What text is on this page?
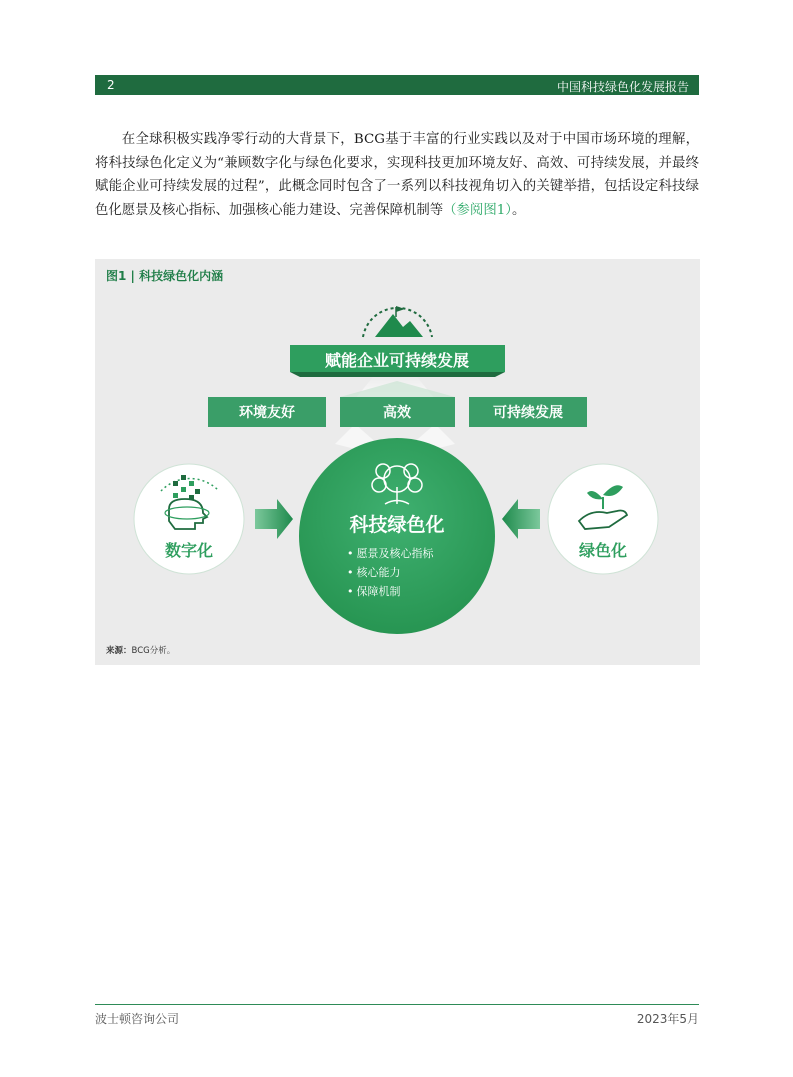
2	中国科技绿色化发展报告
在全球积极实践净零行动的大背景下，BCG基于丰富的行业实践以及对于中国市场环境的理解，将科技绿色化定义为“兼顾数字化与绿色化要求，实现科技更加环境友好、高效、可持续发展，并最终赋能企业可持续发展的过程”，此概念同时包含了一系列以科技视角切入的关键举措，包括设定科技绿色化愿景及核心指标、加强核心能力建设、完善保障机制等（参阅图1）。
赋能企业可持续发展
环境友好	高效	可持续发展
科技绿色化
• 愿景及核心指标
• 核心能力
• 保障机制
数字化	绿色化
图1 | 科技绿色化内涵
来源：BCG分析。
波士顿咨询公司	2023年5月
